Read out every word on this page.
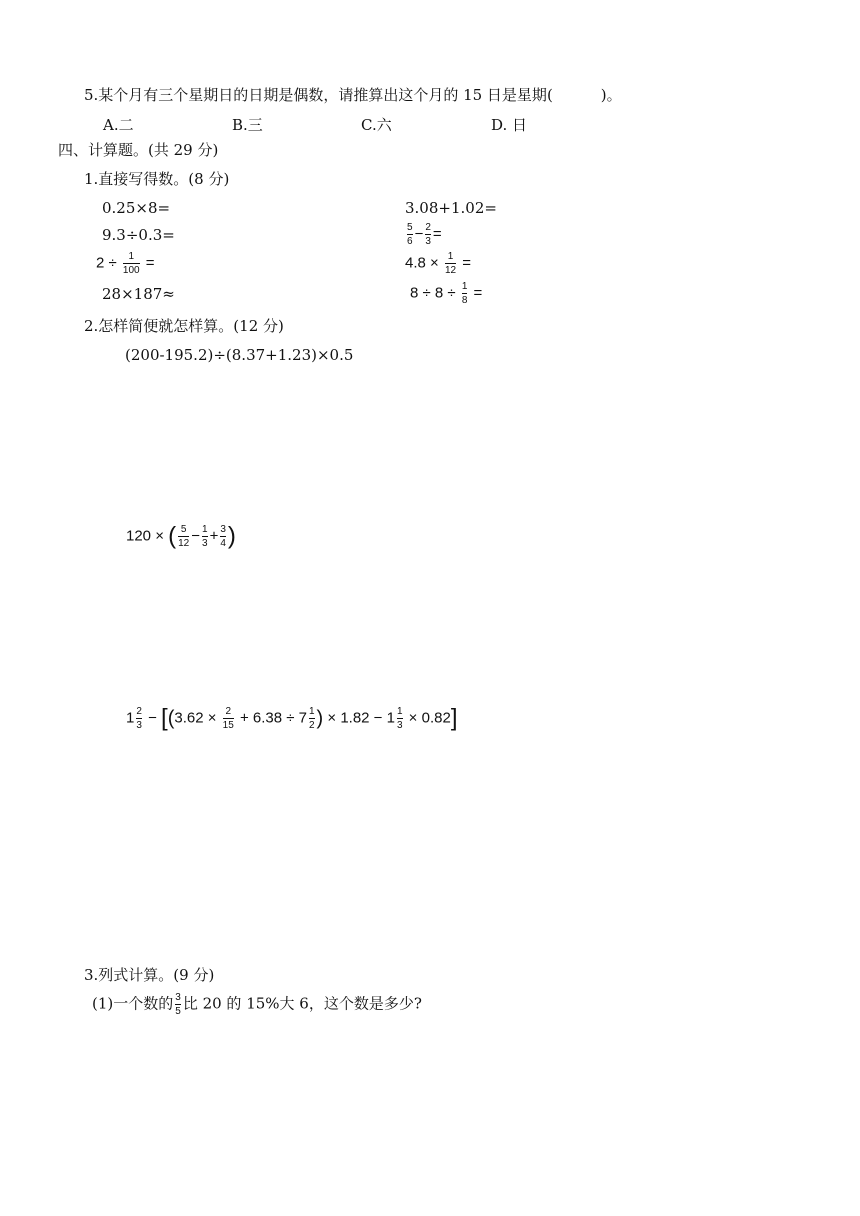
5.某个月有三个星期日的日期是偶数，请推算出这个月的 15 日是星期(	)。
A.二	B.三	C.六	D. 日
四、计算题。(共 29 分)
1.直接写得数。(8 分)
0.25×8=	3.08+1.02=
9.3÷0.3=	$\frac{5}{6} - \frac{2}{3}$ =
$2 \div \frac{1}{100}$ =	$4.8 \times \frac{1}{12}$ =
28×187≈	$8 \div 8 \div \frac{1}{8}$ =
2.怎样简便就怎样算。(12 分)
(200-195.2)÷(8.37+1.23)×0.5
120 × ( $\frac{5}{12} - \frac{1}{3} + \frac{3}{4}$ )
$1 \frac{2}{3} - [(3.62 \times \frac{2}{15} + 6.38 \div 7 \frac{1}{2}$ ) × $1.82 - 1 \frac{1}{3} \times 0.82$]
3.列式计算。(9 分)
(1)一个数的 $\frac{3}{5}$ 比 20 的 15%大 6，这个数是多少?
